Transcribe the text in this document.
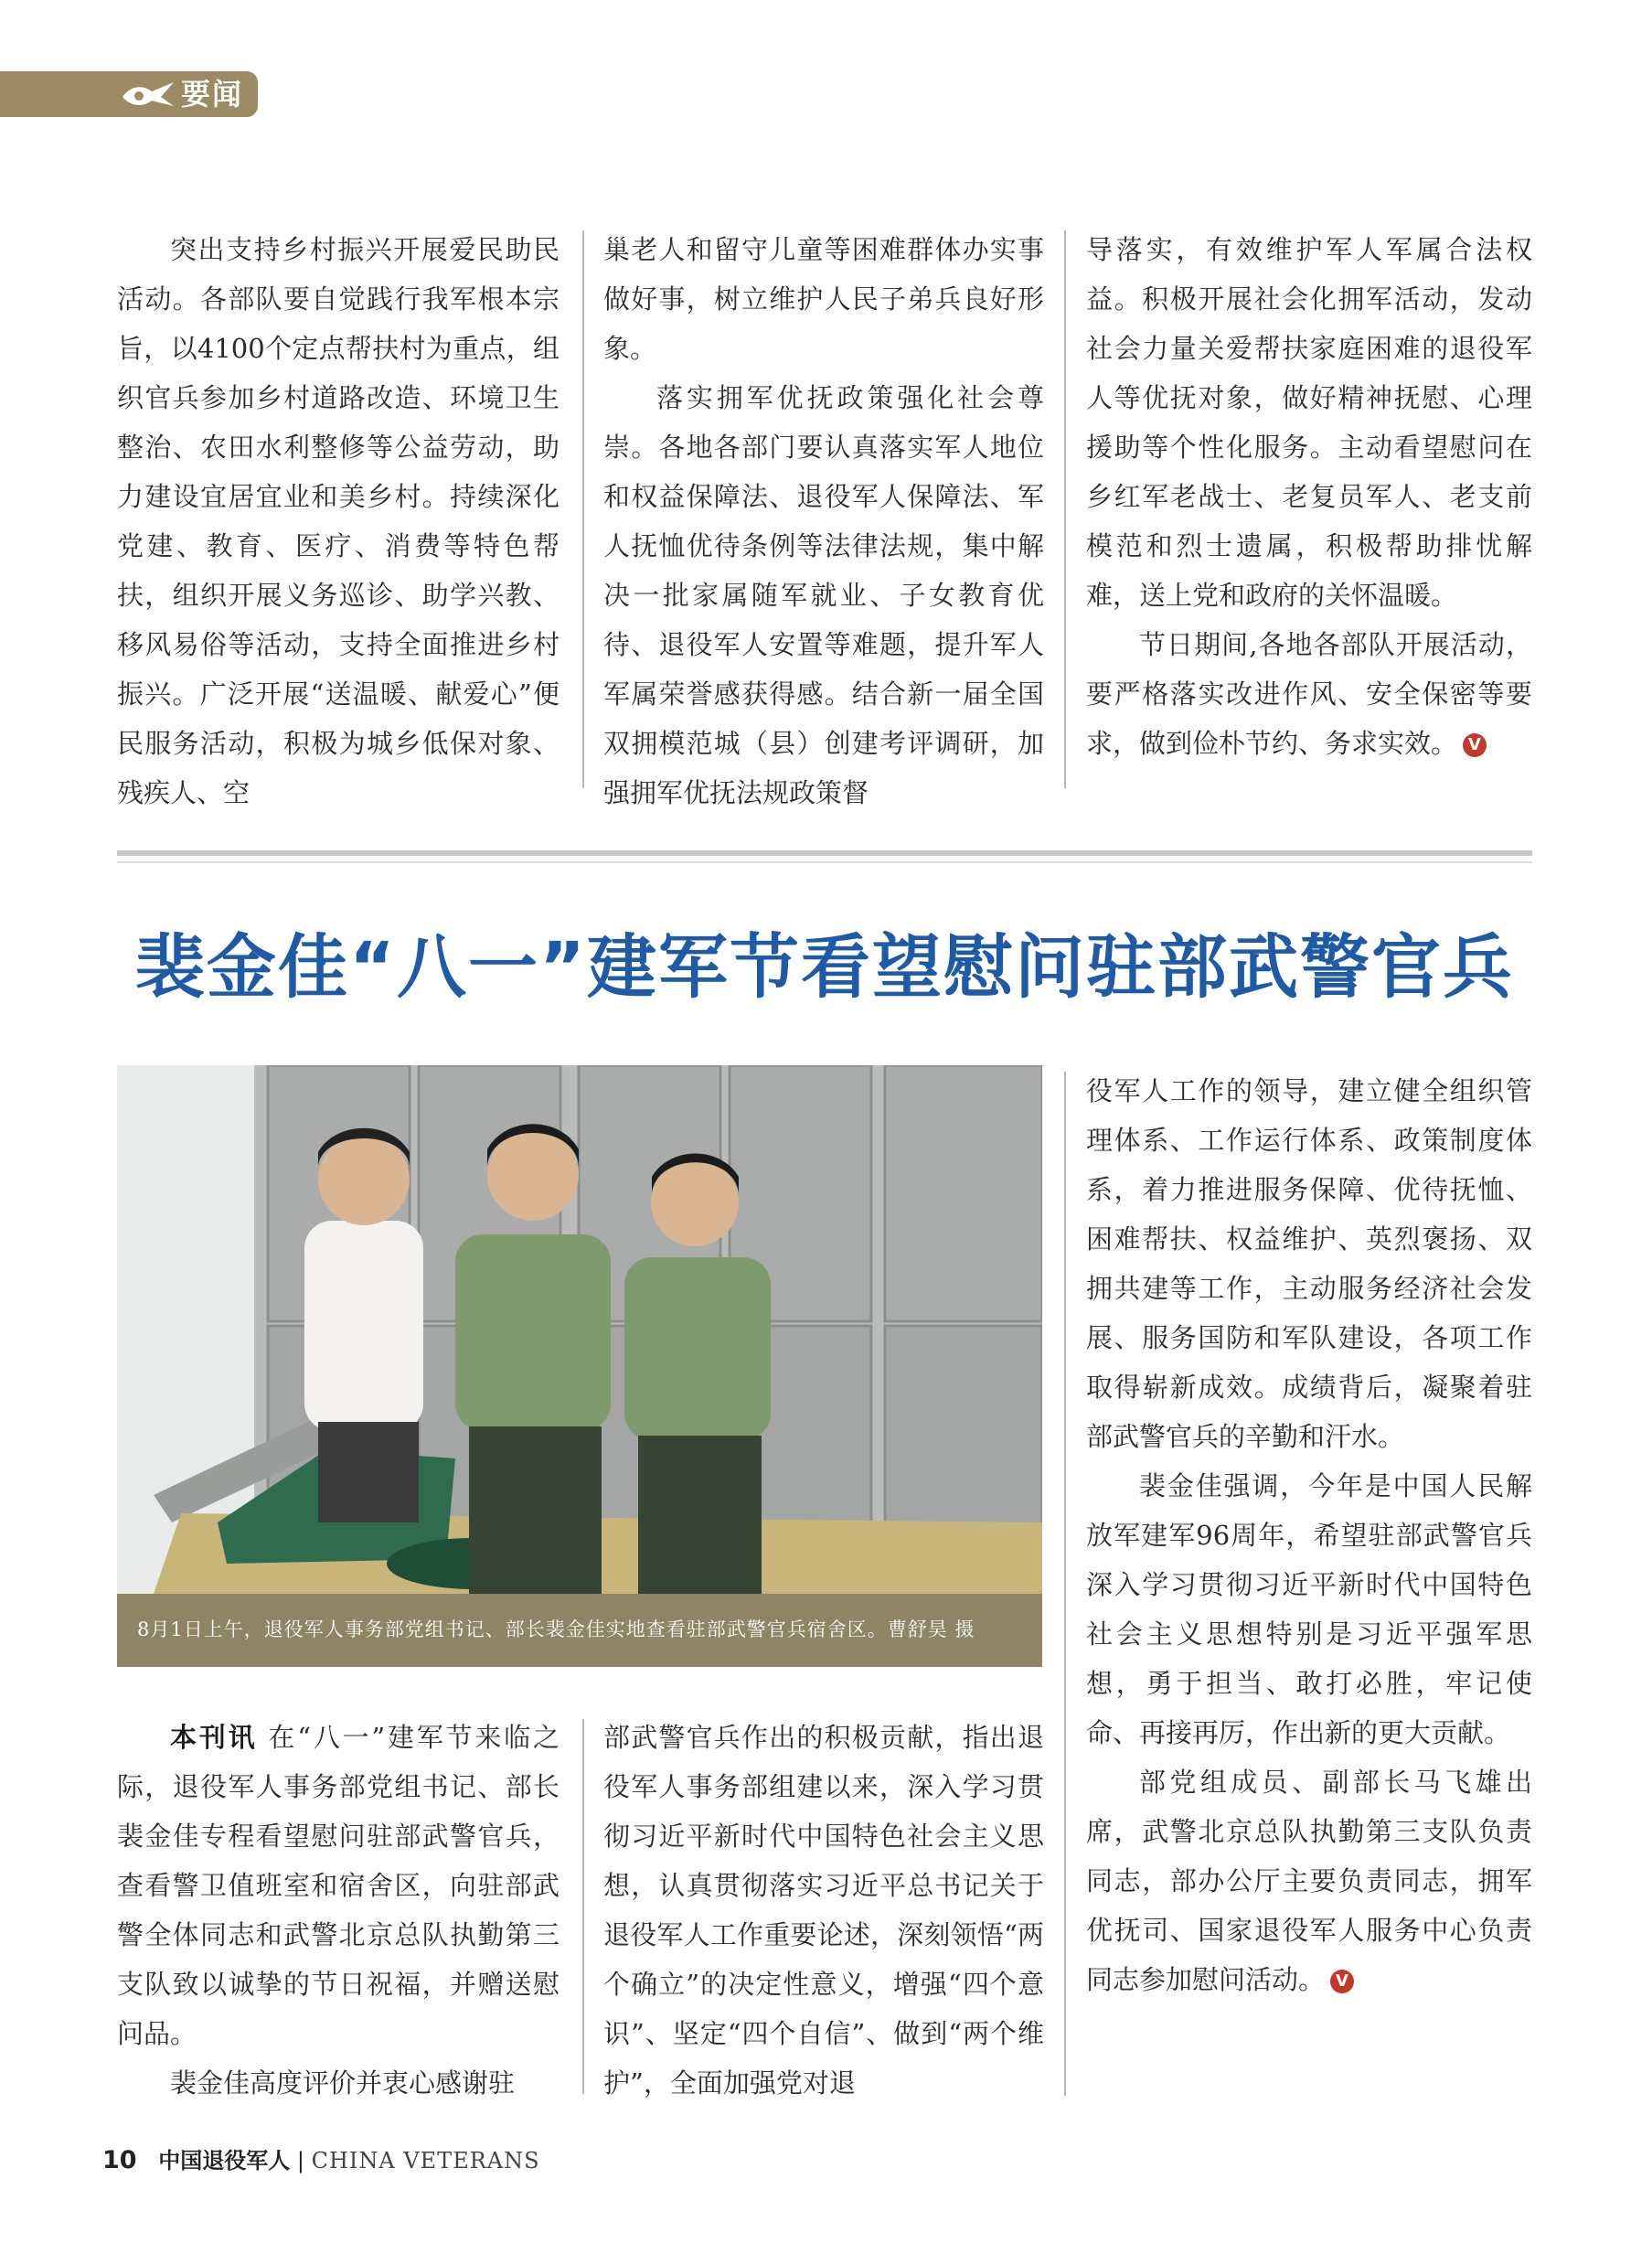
要闻

突出支持乡村振兴开展爱民助民活动。各部队要自觉践行我军根本宗旨，以4100个定点帮扶村为重点，组织官兵参加乡村道路改造、环境卫生整治、农田水利整修等公益劳动，助力建设宜居宜业和美乡村。持续深化党建、教育、医疗、消费等特色帮扶，组织开展义务巡诊、助学兴教、移风易俗等活动，支持全面推进乡村振兴。广泛开展“送温暖、献爱心”便民服务活动，积极为城乡低保对象、残疾人、空

巢老人和留守儿童等困难群体办实事做好事，树立维护人民子弟兵良好形象。

落实拥军优抚政策强化社会尊崇。各地各部门要认真落实军人地位和权益保障法、退役军人保障法、军人抚恤优待条例等法律法规，集中解决一批家属随军就业、子女教育优待、退役军人安置等难题，提升军人军属荣誉感获得感。结合新一届全国双拥模范城（县）创建考评调研，加强拥军优抚法规政策督

导落实，有效维护军人军属合法权益。积极开展社会化拥军活动，发动社会力量关爱帮扶家庭困难的退役军人等优抚对象，做好精神抚慰、心理援助等个性化服务。主动看望慰问在乡红军老战士、老复员军人、老支前模范和烈士遗属，积极帮助排忧解难，送上党和政府的关怀温暖。

节日期间,各地各部队开展活动，要严格落实改进作风、安全保密等要求，做到俭朴节约、务求实效。 V

裴金佳“八一”建军节看望慰问驻部武警官兵
8月1日上午，退役军人事务部党组书记、部长裴金佳实地查看驻部武警官兵宿舍区。曹舒昊 摄

役军人工作的领导，建立健全组织管理体系、工作运行体系、政策制度体系，着力推进服务保障、优待抚恤、困难帮扶、权益维护、英烈褒扬、双拥共建等工作，主动服务经济社会发展、服务国防和军队建设，各项工作取得崭新成效。成绩背后，凝聚着驻部武警官兵的辛勤和汗水。

裴金佳强调，今年是中国人民解放军建军96周年，希望驻部武警官兵深入学习贯彻习近平新时代中国特色社会主义思想特别是习近平强军思想，勇于担当、敢打必胜，牢记使命、再接再厉，作出新的更大贡献。

部党组成员、副部长马飞雄出席，武警北京总队执勤第三支队负责同志，部办公厅主要负责同志，拥军优抚司、国家退役军人服务中心负责同志参加慰问活动。 V

本刊讯 在“八一”建军节来临之际，退役军人事务部党组书记、部长裴金佳专程看望慰问驻部武警官兵，查看警卫值班室和宿舍区，向驻部武警全体同志和武警北京总队执勤第三支队致以诚挚的节日祝福，并赠送慰问品。

裴金佳高度评价并衷心感谢驻

部武警官兵作出的积极贡献，指出退役军人事务部组建以来，深入学习贯彻习近平新时代中国特色社会主义思想，认真贯彻落实习近平总书记关于退役军人工作重要论述，深刻领悟“两个确立”的决定性意义，增强“四个意识”、坚定“四个自信”、做到“两个维护”，全面加强党对退

10 中国退役军人 | CHINA VETERANS
